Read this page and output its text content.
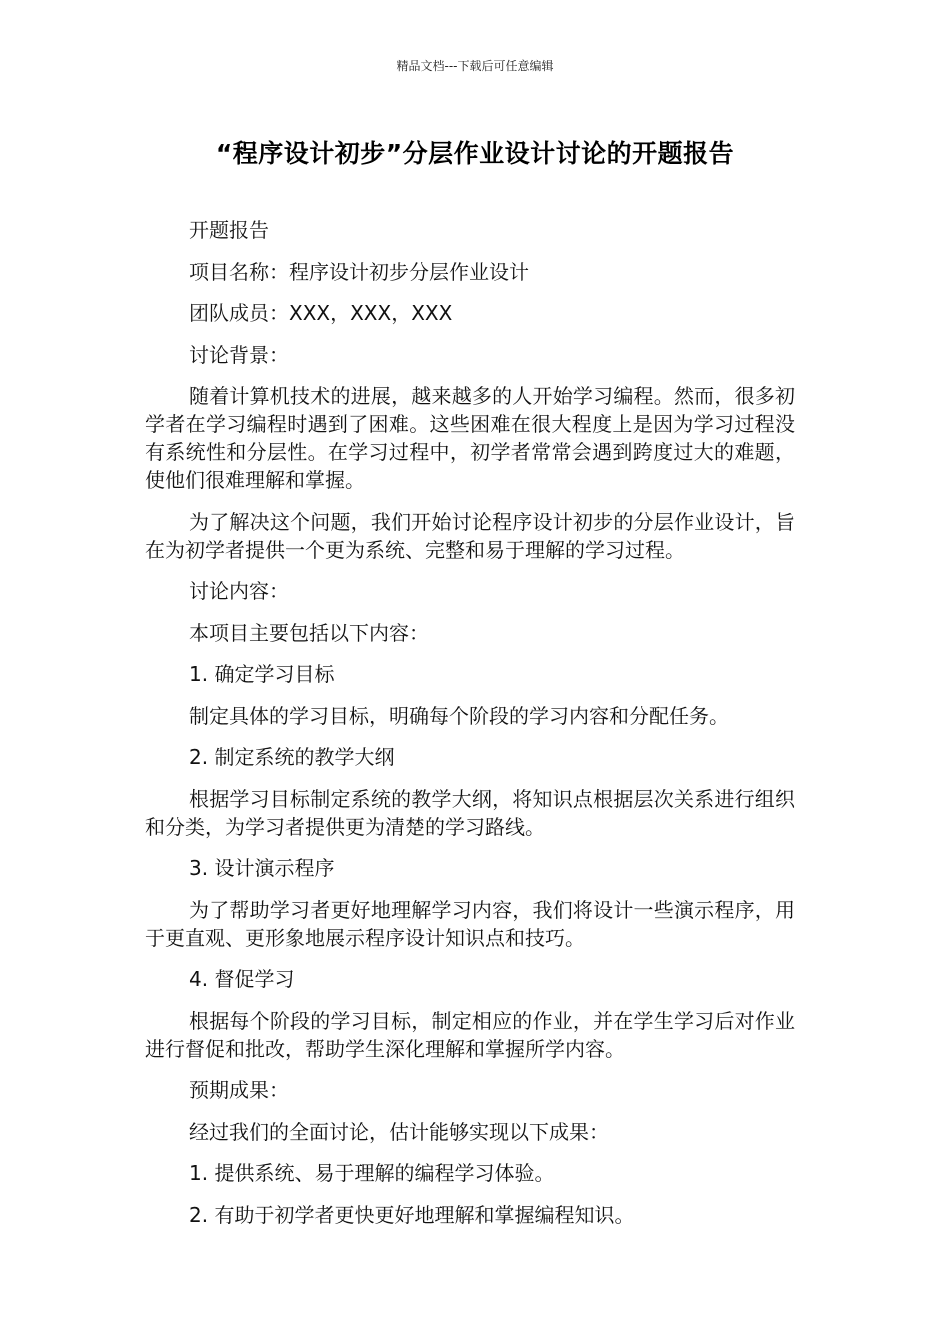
精品文档---下载后可任意编辑
“程序设计初步”分层作业设计讨论的开题报告

开题报告

项目名称：程序设计初步分层作业设计

团队成员：XXX，XXX，XXX

讨论背景：

随着计算机技术的进展，越来越多的人开始学习编程。然而，很多初学者在学习编程时遇到了困难。这些困难在很大程度上是因为学习过程没有系统性和分层性。在学习过程中，初学者常常会遇到跨度过大的难题，使他们很难理解和掌握。

为了解决这个问题，我们开始讨论程序设计初步的分层作业设计，旨在为初学者提供一个更为系统、完整和易于理解的学习过程。

讨论内容：

本项目主要包括以下内容：

1. 确定学习目标

制定具体的学习目标，明确每个阶段的学习内容和分配任务。

2. 制定系统的教学大纲

根据学习目标制定系统的教学大纲，将知识点根据层次关系进行组织和分类，为学习者提供更为清楚的学习路线。

3. 设计演示程序

为了帮助学习者更好地理解学习内容，我们将设计一些演示程序，用于更直观、更形象地展示程序设计知识点和技巧。

4. 督促学习

根据每个阶段的学习目标，制定相应的作业，并在学生学习后对作业进行督促和批改，帮助学生深化理解和掌握所学内容。

预期成果：

经过我们的全面讨论，估计能够实现以下成果：

1. 提供系统、易于理解的编程学习体验。

2. 有助于初学者更快更好地理解和掌握编程知识。
